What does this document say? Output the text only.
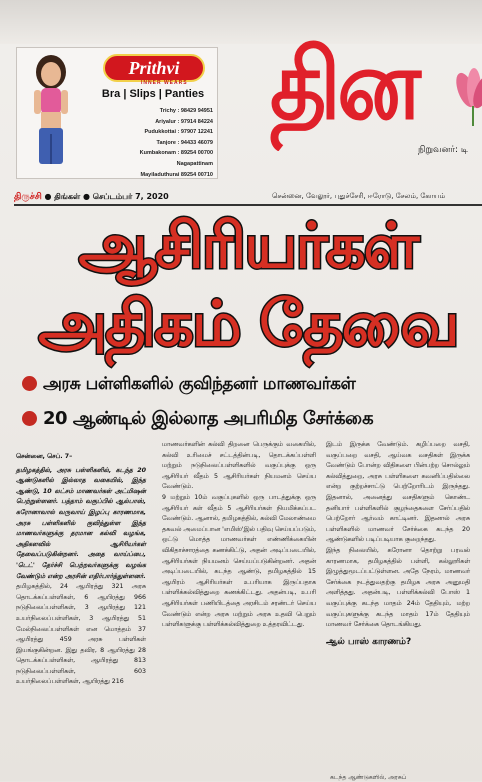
Prithvi
INNER WEARS
Bra | Slips | Panties
Trichy : 98429 94951
Ariyalur : 97914 84224
Pudukkottai : 97907 12241
Tanjore : 94433 46079
Kumbakonam : 89254 00700
Nagapattinam
Mayiladuthurai 89254 00710
தின
நிறுவனர்: டி
திருச்சி ● திங்கள் ● செப்டம்பர் 7, 2020	சென்னை, வேலூர், புதுச்சேரி, ஈரோடு, சேலம், கோயம்
ஆசிரியர்கள்
அதிகம் தேவை
அரசு பள்ளிகளில் குவிந்தனர் மாணவர்கள்
20 ஆண்டில் இல்லாத அபரிமித சேர்க்கை

சென்னை, செப். 7–

தமிழகத்தில், அரசு பள்ளிகளில், கடந்த 20 ஆண்டுகளில் இல்லாத வகையில், இந்த ஆண்டு, 10 லட்சம் மாணவர்கள் அட்மிஷன் பெற்றுள்ளனர். பத்தாம் வகுப்பில் ஆல்பாஸ், கரோனாவால் வருவாய் இழப்பு காரணமாக, அரசு பள்ளிகளில் குவிந்துள்ள இந்த மாணவர்களுக்கு தரமான கல்வி வழங்க, அதிகளவில் ஆசிரியர்கள் தேவைப்படுகின்றனர். அதை வாய்ப்பை, 'டெட்' தேர்ச்சி பெற்றவர்களுக்கு வழங்க வேண்டும் என்ற அரசின் எதிர்பார்த்துள்ளனர்.

தமிழகத்தில், 24 ஆயிரத்து 321 அரசு தொடக்கப்பள்ளிகள், 6 ஆயிரத்து 966 நடுநிலைப்பள்ளிகள், 3 ஆயிரத்து 121 உயர்நிலைப்பள்ளிகள், 3 ஆயிரத்து 51 மேல்நிலைப்பள்ளிகள் என மொத்தம் 37 ஆயிரத்து 459 அரசு பள்ளிகள் இயங்குகின்றன. இது தவிர, 8 ஆயிரத்து 28 தொடக்கப்பள்ளிகள், ஆயிரத்து 813 நடுநிலைப்பள்ளிகள், 603 உயர்நிலைப்பள்ளிகள், ஆயிரத்து 216

மாணவர்களின் கல்வி திறனை பெருக்கும் வகையில், கல்வி உரிமைச் சட்டத்தின்படி, தொடக்கப்பள்ளி மற்றும் நடுநிலைப்பள்ளிகளில் வகுப்புக்கு ஒரு ஆசிரியர் வீதம் 5 ஆசிரியர்கள் நியமனம் செய்ய வேண்டும்.

9 மற்றும் 10ம் வகுப்புகளில் ஒரு பாடத்துக்கு ஒரு ஆசிரியர் கள் வீதம் 5 ஆசிரியர்கள் நியமிக்கப்பட வேண்டும். ஆனால், தமிழகத்தில், கல்வி மேலாண்மை தகவல் அமைப்பான 'எமிஸ்'இல் பதிவு செய்யப்படும், ஒட்டு மொத்த மாணவர்கள் எண்ணிக்கையின் விகிதாச்சாரத்தை கணக்கிட்டு, அதன் அடிப்படையில், ஆசிரியர்கள் நியமனம் செய்யப்படுகின்றனர். அதன் அடிப்படையில், கடந்த ஆண்டு, தமிழகத்தில் 15 ஆயிரம் ஆசிரியர்கள் உபரியாக இருப்பதாக பள்ளிக்கல்வித்துறை கணக்கிட்டது. அதன்படி, உபரி ஆசிரியர்கள் பணியிடத்தை அரசிடம் சரண்டர் செய்ய வேண்டும் என்ற அரசு மற்றும் அரசு உதவி பெறும் பள்ளிகளுக்கு பள்ளிக்கல்வித்துறை உத்தரவிட்டது.

இடம் இருக்க வேண்டும். கழிப்பறை வசதி, வகுப்பறை வசதி, ஆய்வக வசதிகள் இருக்க வேண்டும் போன்ற விதிகளை பின்பற்ற சொல்லும் கல்வித்துறை, அரசு பள்ளிகளை கவனிப்பதில்லை என்ற குற்றச்சாட்டு பெற்றோரிடம் இருந்தது. இதனால், அனைத்து வசதிகளும் கொண்ட தனியார் பள்ளிகளில் குழந்தைகளை சேர்ப்பதில் பெற்றோர் ஆர்வம் காட்டினர். இதனால் அரசு பள்ளிகளில் மாணவர் சேர்க்கை கடந்த 20 ஆண்டுகளில் படிப்படியாக குறைந்தது.

இந்த நிலையில், கரோனா தொற்று பரவல் காரணமாக, தமிழகத்தில் பள்ளி, கல்லூரிகள் இழுத்துமூடப்பட்டுள்ளன. அதே நேரம், மாணவர் சேர்க்கை நடத்துவதற்கு தமிழக அரசு அனுமதி அளித்தது. அதன்படி, பள்ளிக்கல்வி போஸ் 1 வகுப்புக்கு கடந்த மாதம் 24ம் தேதியும், மற்ற வகுப்புகளுக்கு கடந்த மாதம் 17ம் தேதியும் மாணவர் சேர்க்கை தொடங்கியது.

ஆல் பாஸ் காரணம்?

கடந்த ஆண்டுகளில், அரசுப்
